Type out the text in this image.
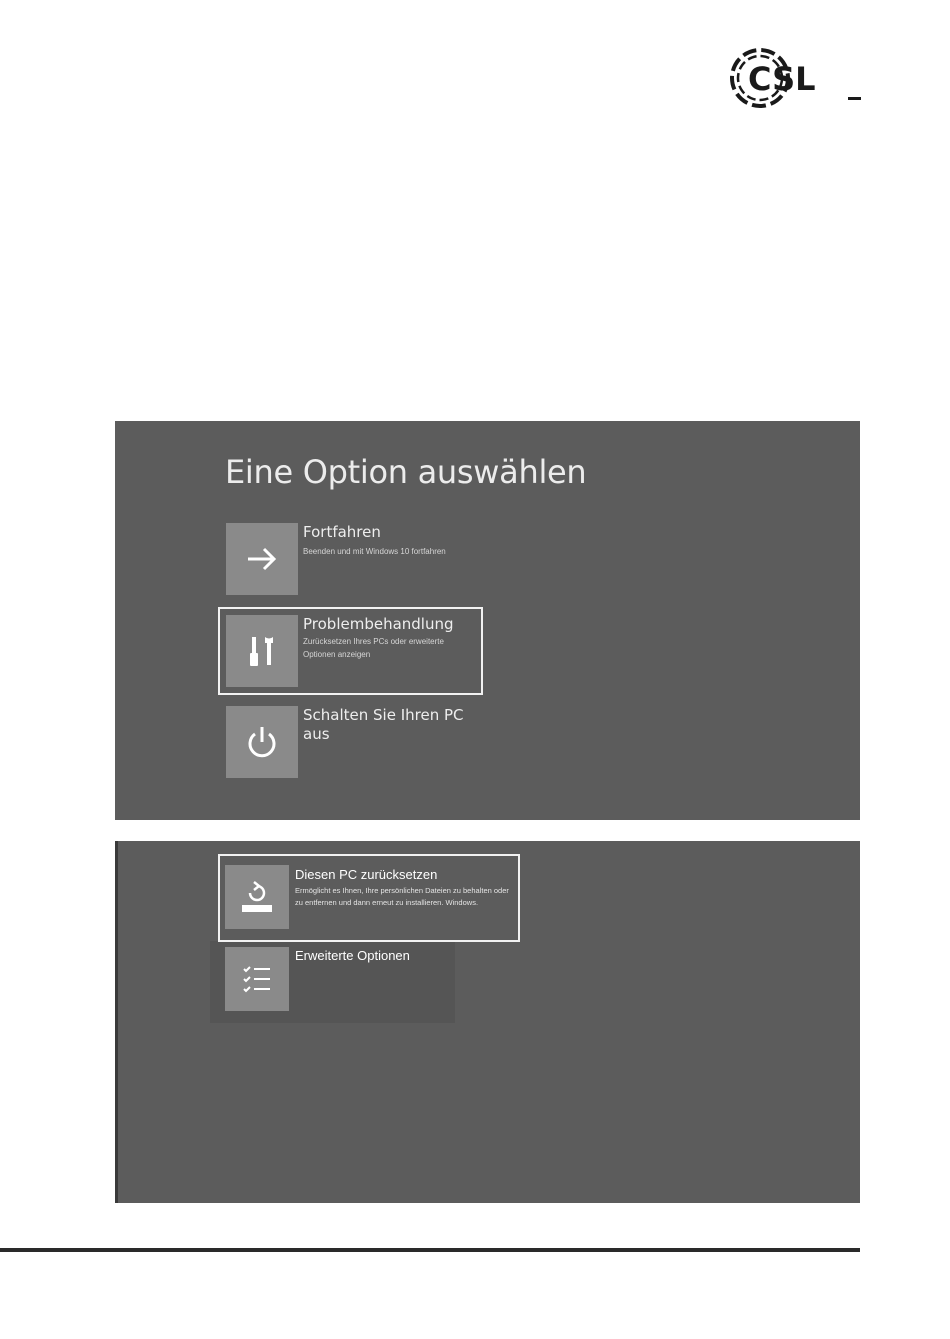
CSL
Eine Option auswählen
Fortfahren
Beenden und mit Windows 10 fortfahren
Problembehandlung
Zurücksetzen Ihres PCs oder erweiterte Optionen anzeigen
Schalten Sie Ihren PC
aus
Diesen PC zurücksetzen
Ermöglicht es Ihnen, Ihre persönlichen Dateien zu behalten oder zu entfernen und dann erneut zu installieren. Windows.
Erweiterte Optionen
